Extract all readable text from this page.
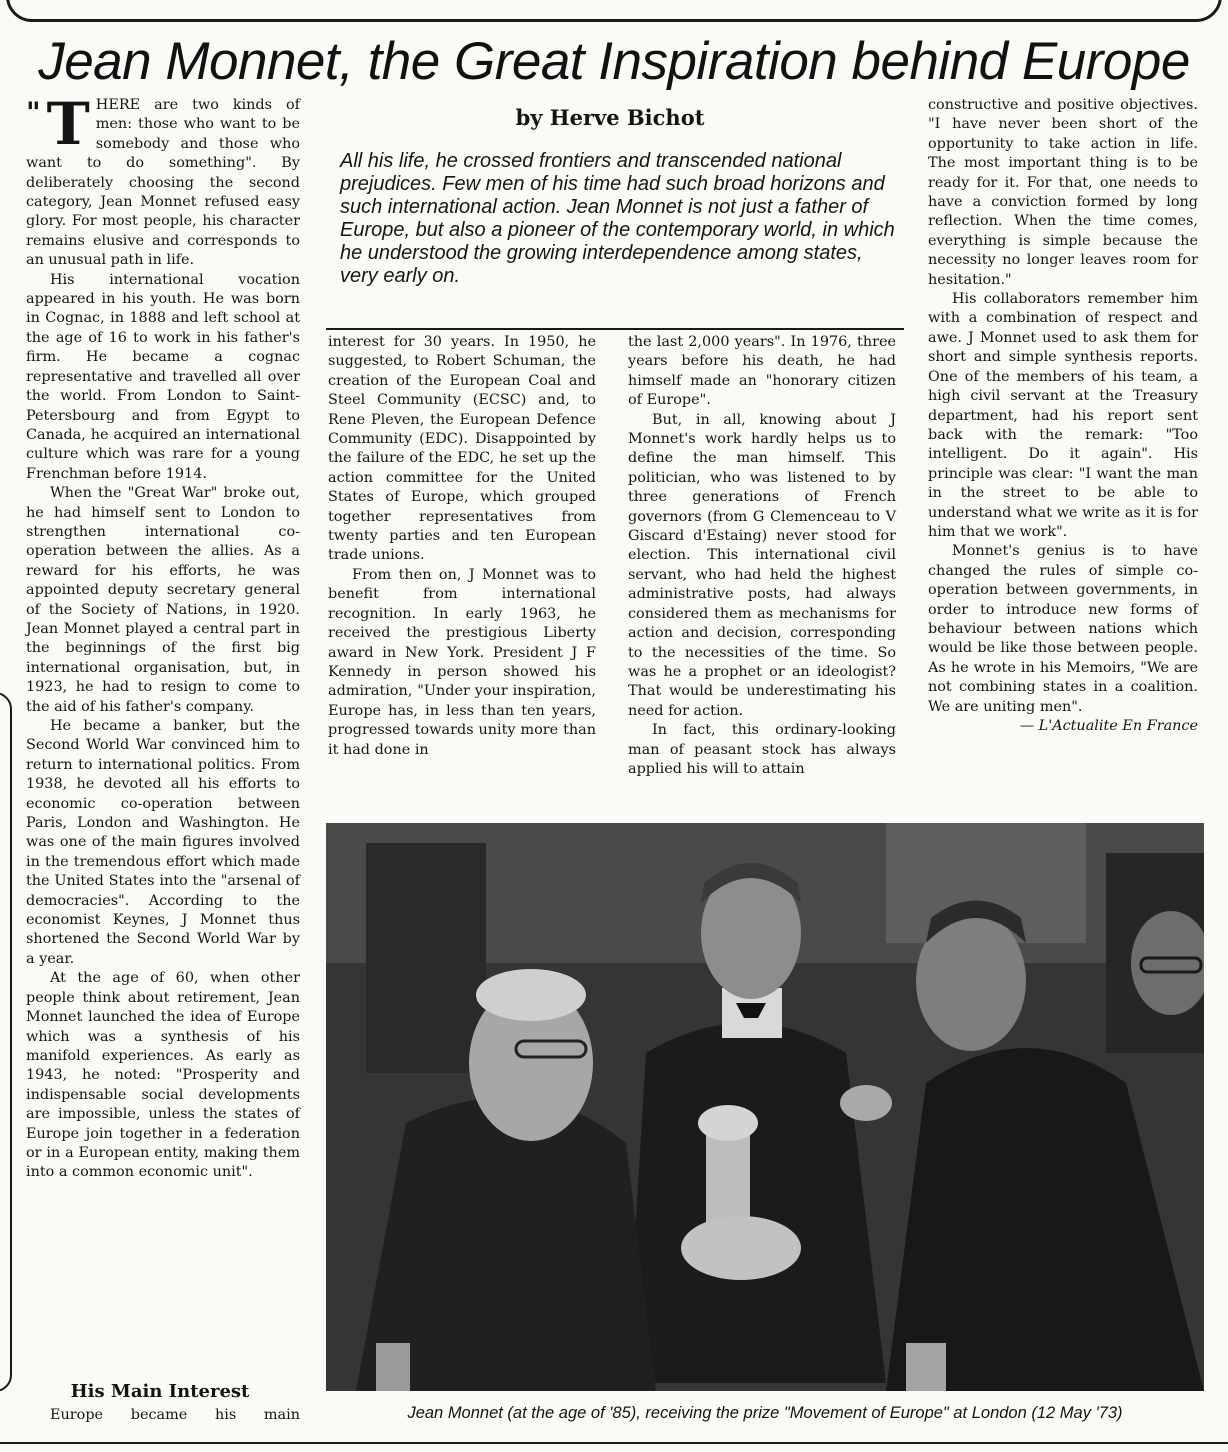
Jean Monnet, the Great Inspiration behind Europe

" T HERE are two kinds of men: those who want to be somebody and those who want to do something". By deliberately choosing the second category, Jean Monnet refused easy glory. For most people, his character remains elusive and corresponds to an unusual path in life.

His international vocation appeared in his youth. He was born in Cognac, in 1888 and left school at the age of 16 to work in his father's firm. He became a cognac representative and travelled all over the world. From London to Saint-Petersbourg and from Egypt to Canada, he acquired an international culture which was rare for a young Frenchman before 1914.

When the "Great War" broke out, he had himself sent to London to strengthen international co-operation between the allies. As a reward for his efforts, he was appointed deputy secretary general of the Society of Nations, in 1920. Jean Monnet played a central part in the beginnings of the first big international organisation, but, in 1923, he had to resign to come to the aid of his father's company.

He became a banker, but the Second World War convinced him to return to international politics. From 1938, he devoted all his efforts to economic co-operation between Paris, London and Washington. He was one of the main figures involved in the tremendous effort which made the United States into the "arsenal of democracies". According to the economist Keynes, J Monnet thus shortened the Second World War by a year.

At the age of 60, when other people think about retirement, Jean Monnet launched the idea of Europe which was a synthesis of his manifold experiences. As early as 1943, he noted: "Prosperity and indispensable social developments are impossible, unless the states of Europe join together in a federation or in a European entity, making them into a common economic unit".

His Main Interest

Europe became his main

by Herve Bichot

All his life, he crossed frontiers and transcended national prejudices. Few men of his time had such broad horizons and such international action. Jean Monnet is not just a father of Europe, but also a pioneer of the contemporary world, in which he understood the growing interdependence among states, very early on.

interest for 30 years. In 1950, he suggested, to Robert Schuman, the creation of the European Coal and Steel Community (ECSC) and, to Rene Pleven, the European Defence Community (EDC). Disappointed by the failure of the EDC, he set up the action committee for the United States of Europe, which grouped together representatives from twenty parties and ten European trade unions.

From then on, J Monnet was to benefit from international recognition. In early 1963, he received the prestigious Liberty award in New York. President J F Kennedy in person showed his admiration, "Under your inspiration, Europe has, in less than ten years, progressed towards unity more than it had done in

the last 2,000 years". In 1976, three years before his death, he had himself made an "honorary citizen of Europe".

But, in all, knowing about J Monnet's work hardly helps us to define the man himself. This politician, who was listened to by three generations of French governors (from G Clemenceau to V Giscard d'Estaing) never stood for election. This international civil servant, who had held the highest administrative posts, had always considered them as mechanisms for action and decision, corresponding to the necessities of the time. So was he a prophet or an ideologist? That would be underestimating his need for action.

In fact, this ordinary-looking man of peasant stock has always applied his will to attain

constructive and positive objectives. "I have never been short of the opportunity to take action in life. The most important thing is to be ready for it. For that, one needs to have a conviction formed by long reflection. When the time comes, everything is simple because the necessity no longer leaves room for hesitation."

His collaborators remember him with a combination of respect and awe. J Monnet used to ask them for short and simple synthesis reports. One of the members of his team, a high civil servant at the Treasury department, had his report sent back with the remark: "Too intelligent. Do it again". His principle was clear: "I want the man in the street to be able to understand what we write as it is for him that we work".

Monnet's genius is to have changed the rules of simple co-operation between governments, in order to introduce new forms of behaviour between nations which would be like those between people. As he wrote in his Memoirs, "We are not combining states in a coalition. We are uniting men".

— L'Actualite En France

Jean Monnet (at the age of '85), receiving the prize "Movement of Europe" at London (12 May '73)
